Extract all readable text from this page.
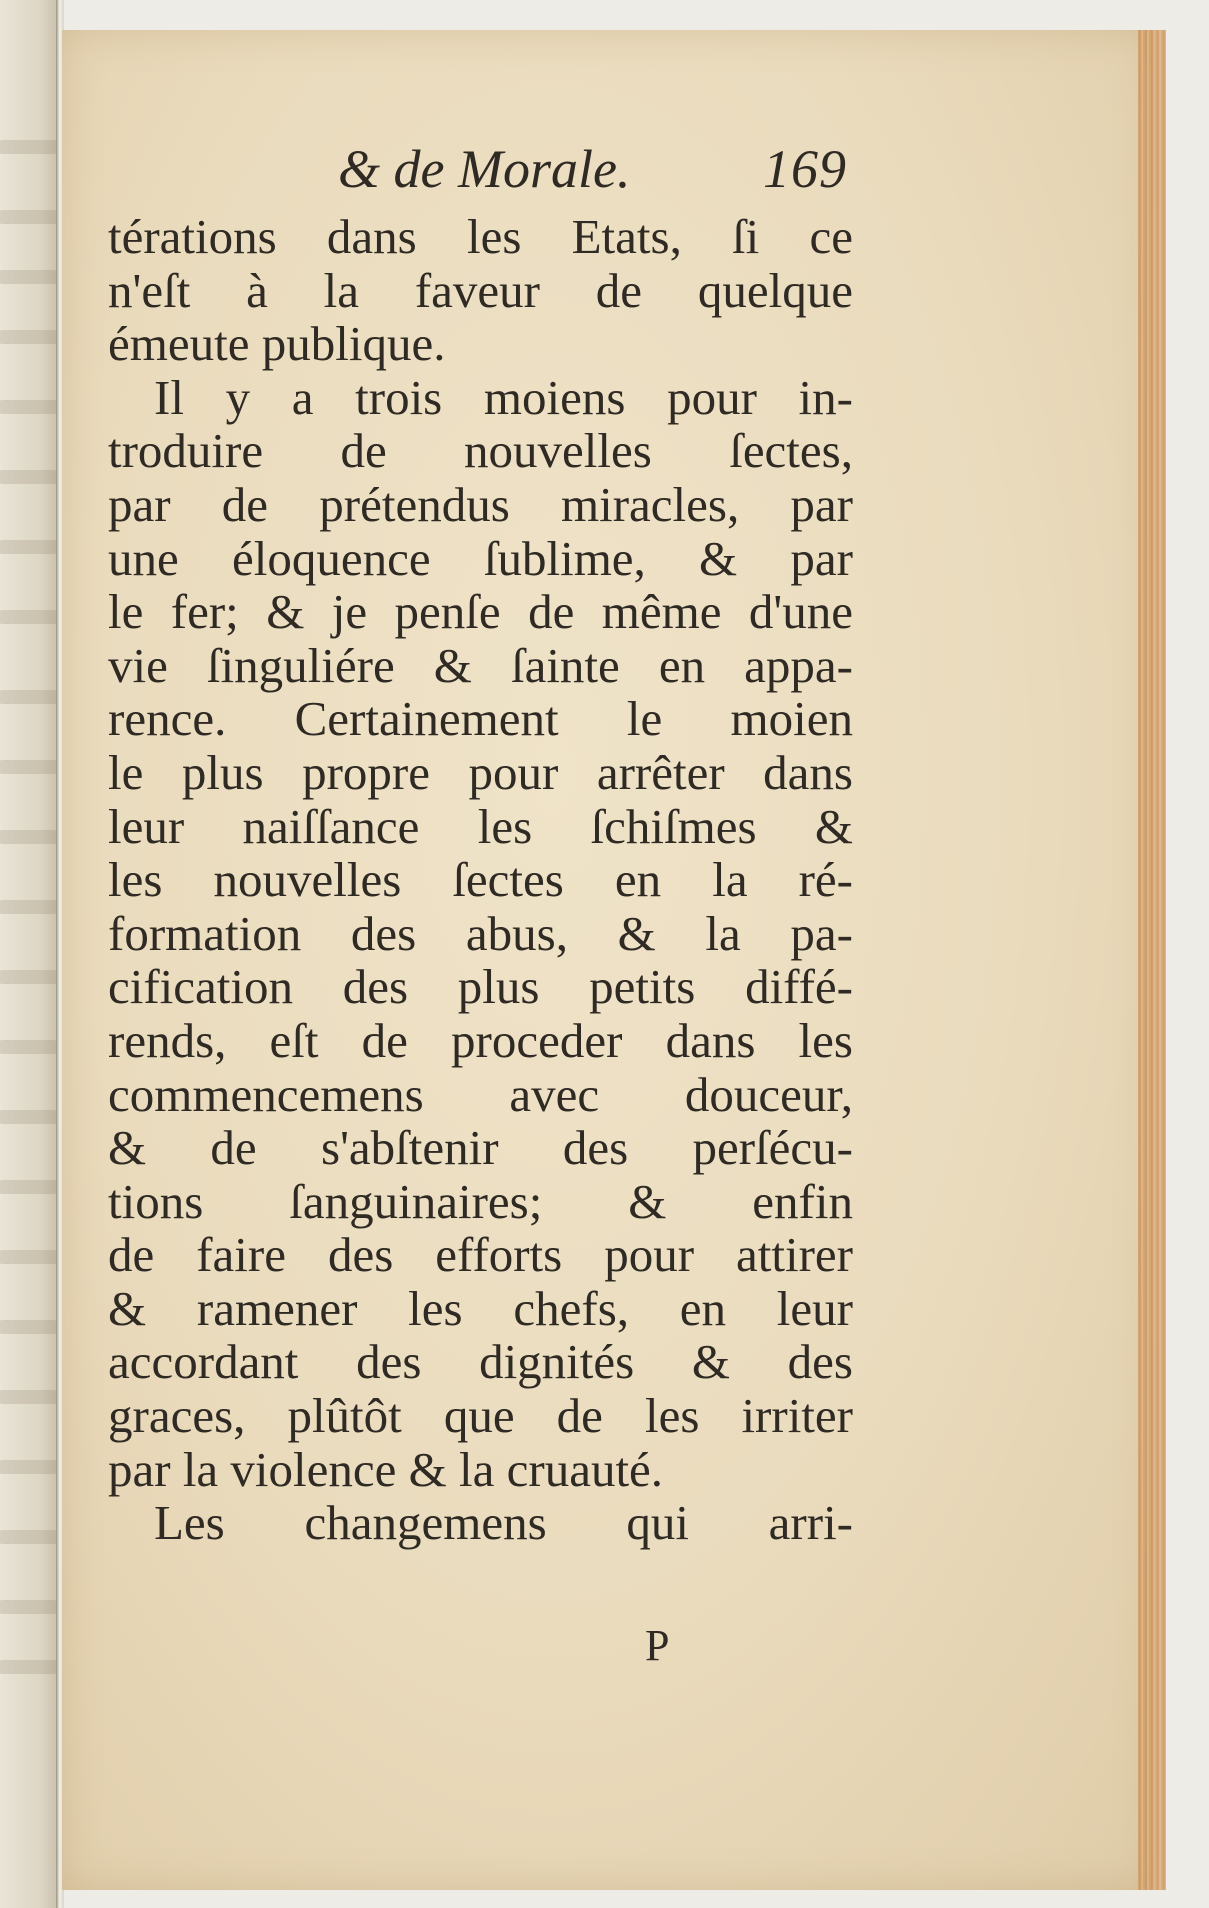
& de Morale. 169
térations dans les Etats, ſi ce
n'eſt à la faveur de quelque
émeute publique.
Il y a trois moiens pour in-
troduire de nouvelles ſectes,
par de prétendus miracles, par
une éloquence ſublime, & par
le fer; & je penſe de même d'une
vie ſinguliére & ſainte en appa-
rence. Certainement le moien
le plus propre pour arrêter dans
leur naiſſance les ſchiſmes &
les nouvelles ſectes en la ré-
formation des abus, & la pa-
cification des plus petits diffé-
rends, eſt de proceder dans les
commencemens avec douceur,
& de s'abſtenir des perſécu-
tions ſanguinaires; & enfin
de faire des efforts pour attirer
& ramener les chefs, en leur
accordant des dignités & des
graces, plûtôt que de les irriter
par la violence & la cruauté.
Les changemens qui arri-
P
